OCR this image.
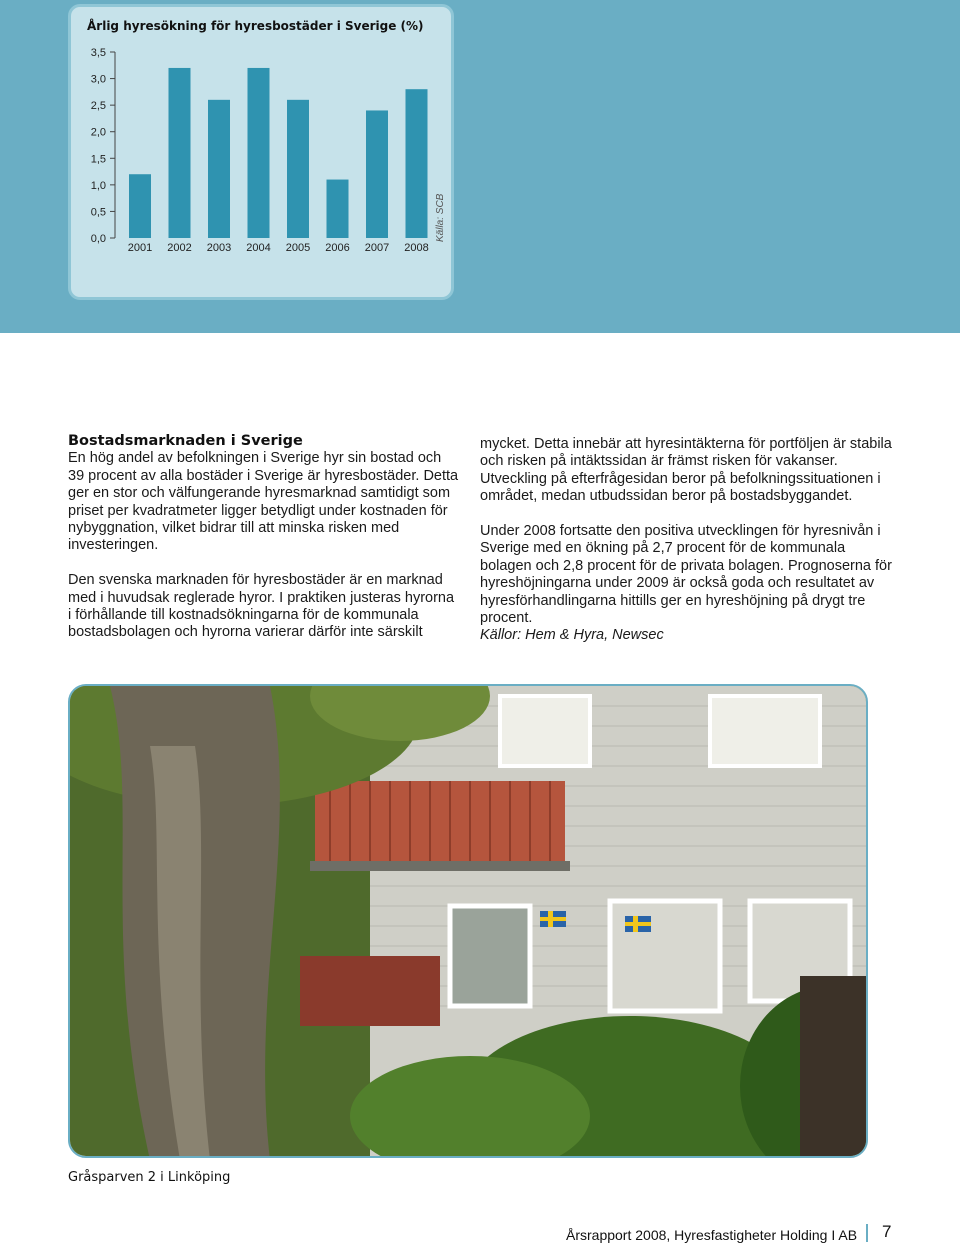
Årlig hyresökning för hyresbostäder i Sverige (%)
0,0
0,5
1,0
1,5
2,0
2,5
3,0
3,5
2001 2002 2003 2004 2005 2006 2007 2008
Källa: SCB

Bostadsmarknaden i Sverige

En hög andel av befolkningen i Sverige hyr sin bostad och 39 procent av alla bostäder i Sverige är hyresbostäder. Detta ger en stor och välfungerande hyresmarknad samtidigt som priset per kvadratmeter ligger betydligt under kostnaden för nybyggnation, vilket bidrar till att minska risken med investeringen.

Den svenska marknaden för hyresbostäder är en marknad med i huvudsak reglerade hyror. I praktiken justeras hyrorna i förhållande till kostnadsökningarna för de kommunala bostadsbolagen och hyrorna varierar därför inte särskilt

mycket. Detta innebär att hyresintäkterna för portföljen är stabila och risken på intäktssidan är främst risken för vakanser. Utveckling på efterfrågesidan beror på befolkningssituationen i området, medan utbudssidan beror på bostadsbyggandet.

Under 2008 fortsatte den positiva utvecklingen för hyresnivån i Sverige med en ökning på 2,7 procent för de kommunala bolagen och 2,8 procent för de privata bolagen. Prognoserna för hyreshöjningarna under 2009 är också goda och resultatet av hyresförhandlingarna hittills ger en hyreshöjning på drygt tre procent.

Källor: Hem & Hyra, Newsec

Gråsparven 2 i Linköping
Årsrapport 2008, Hyresfastigheter Holding I AB 7
